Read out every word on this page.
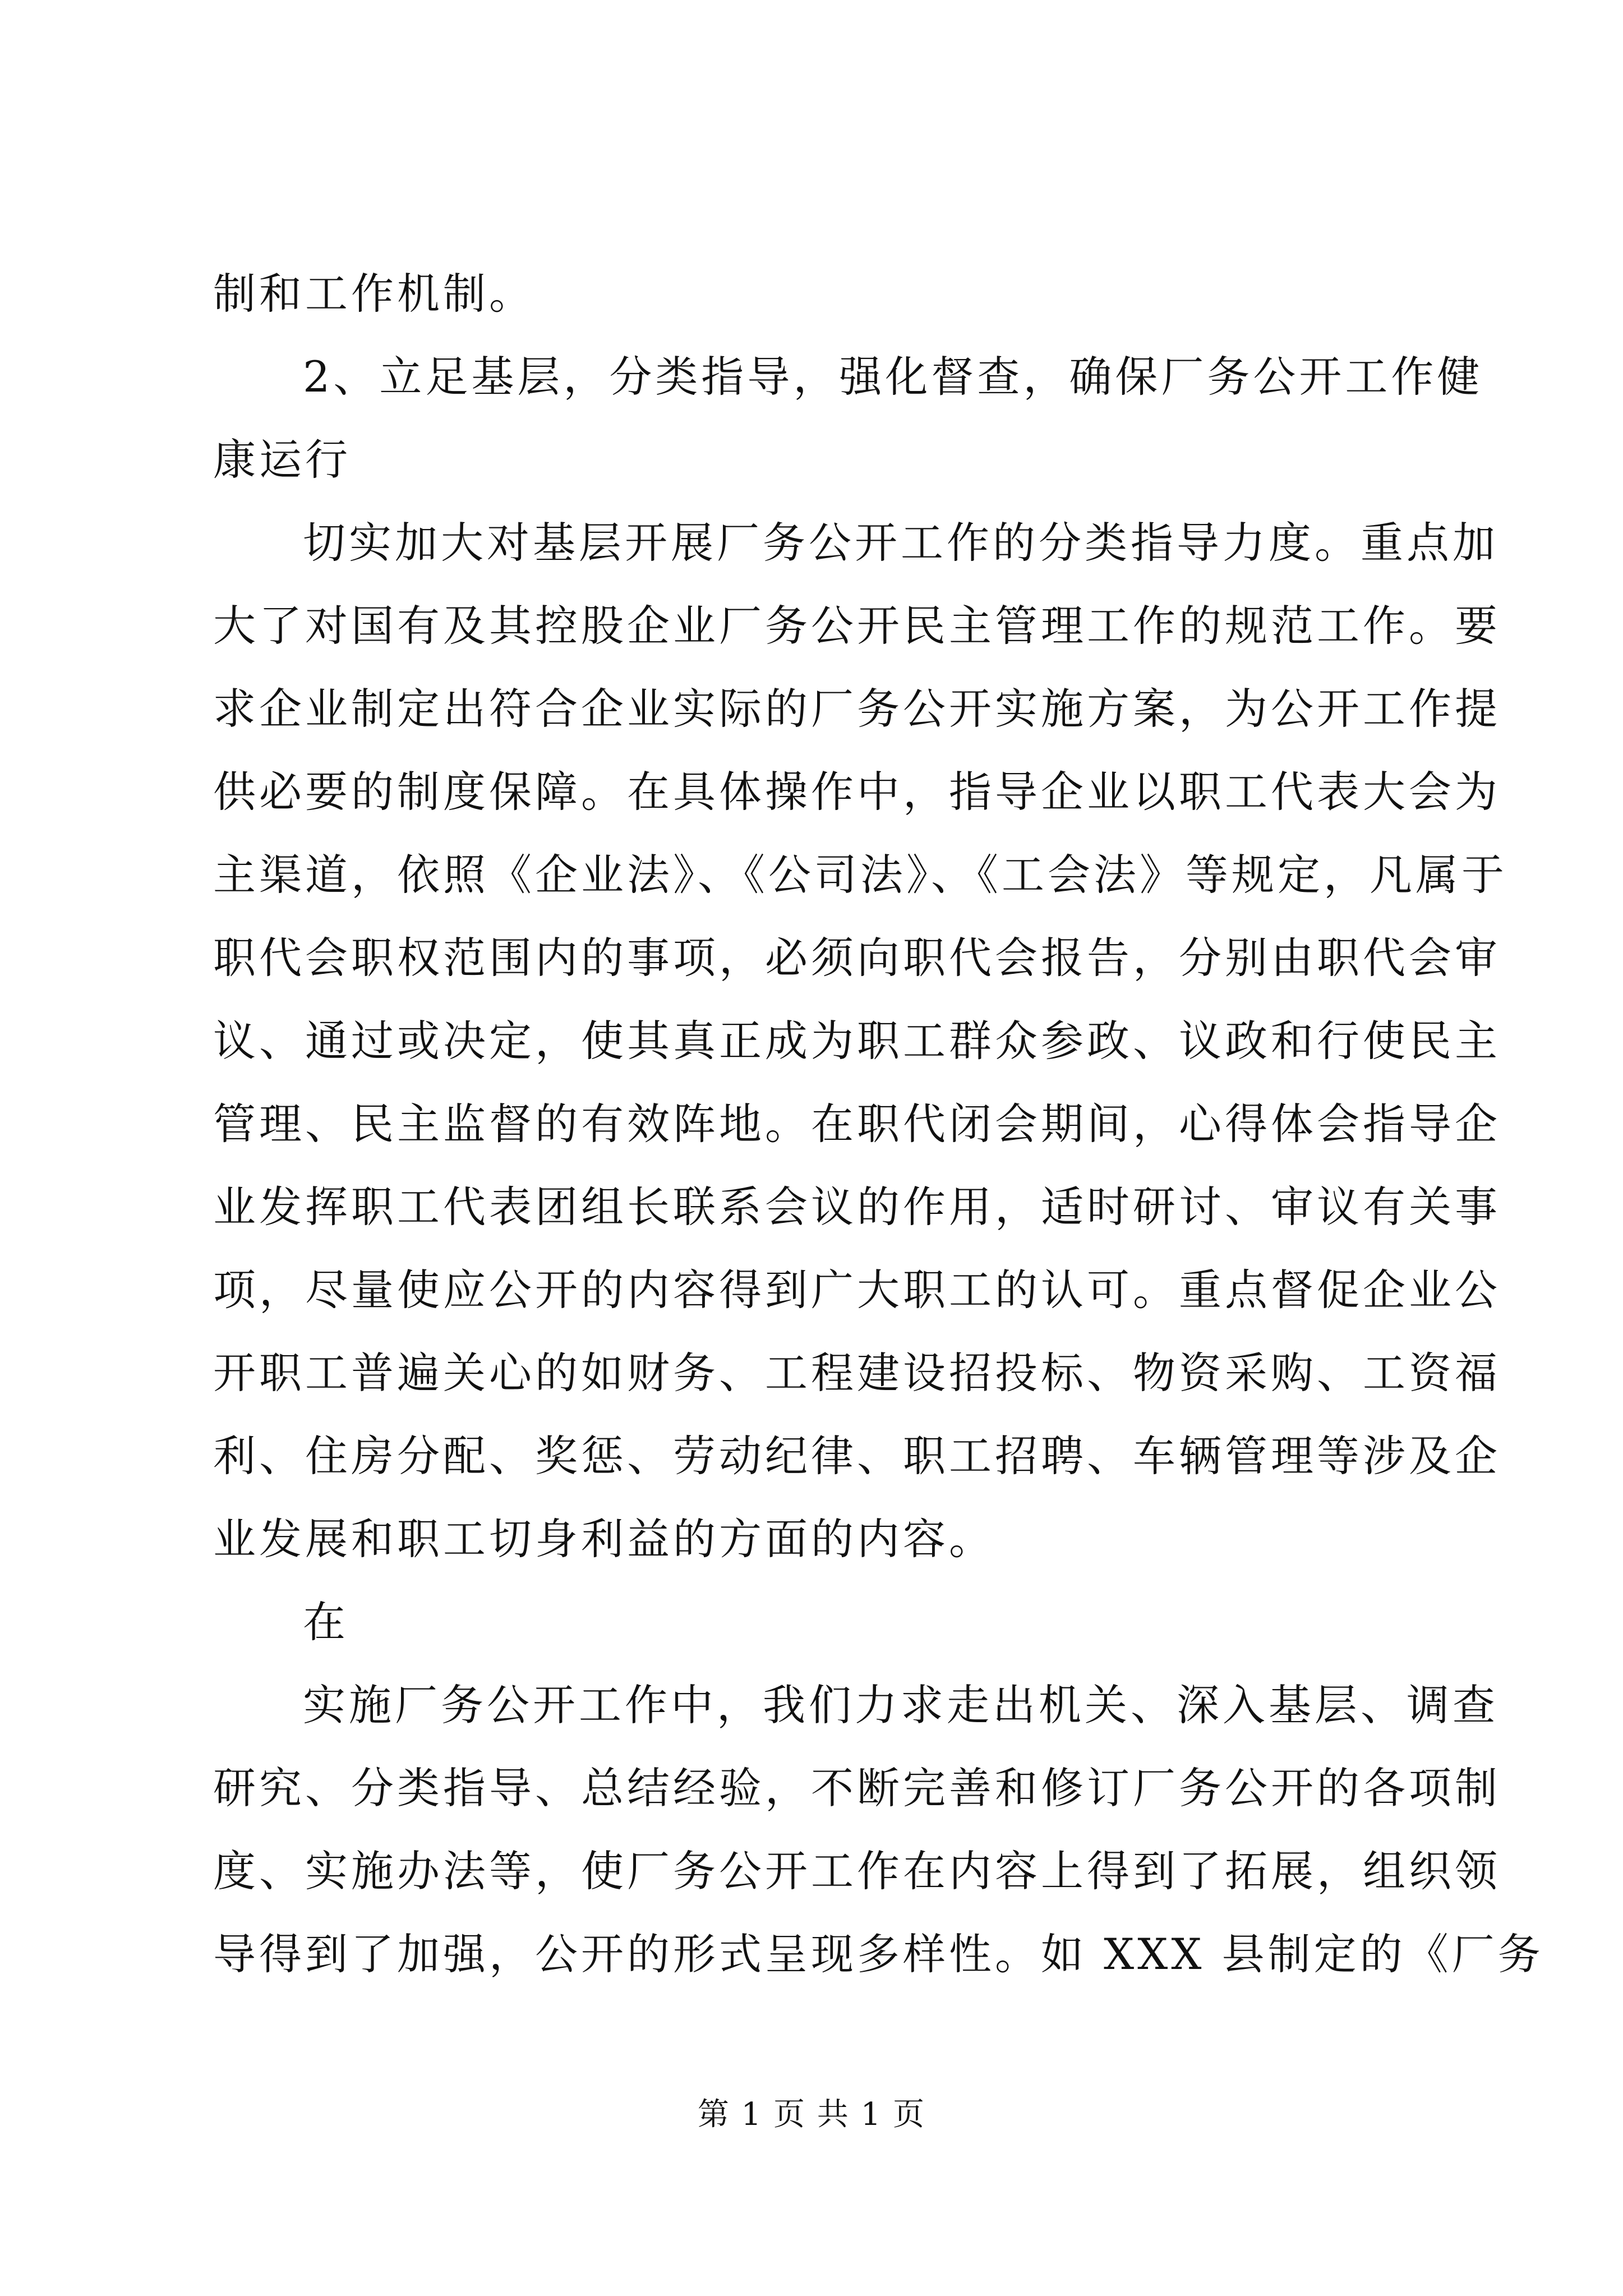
制和工作机制。
2、立足基层，分类指导，强化督查，确保厂务公开工作健
康运行
切实加大对基层开展厂务公开工作的分类指导力度。重点加
大了对国有及其控股企业厂务公开民主管理工作的规范工作。要
求企业制定出符合企业实际的厂务公开实施方案，为公开工作提
供必要的制度保障。在具体操作中，指导企业以职工代表大会为
主渠道，依照《企业法》、《公司法》、《工会法》等规定，凡属于
职代会职权范围内的事项，必须向职代会报告，分别由职代会审
议、通过或决定，使其真正成为职工群众参政、议政和行使民主
管理、民主监督的有效阵地。在职代闭会期间，心得体会指导企
业发挥职工代表团组长联系会议的作用，适时研讨、审议有关事
项，尽量使应公开的内容得到广大职工的认可。重点督促企业公
开职工普遍关心的如财务、工程建设招投标、物资采购、工资福
利、住房分配、奖惩、劳动纪律、职工招聘、车辆管理等涉及企
业发展和职工切身利益的方面的内容。
在
实施厂务公开工作中，我们力求走出机关、深入基层、调查
研究、分类指导、总结经验，不断完善和修订厂务公开的各项制
度、实施办法等，使厂务公开工作在内容上得到了拓展，组织领
导得到了加强，公开的形式呈现多样性。如 XXX 县制定的《厂务
第 1 页 共 1 页
